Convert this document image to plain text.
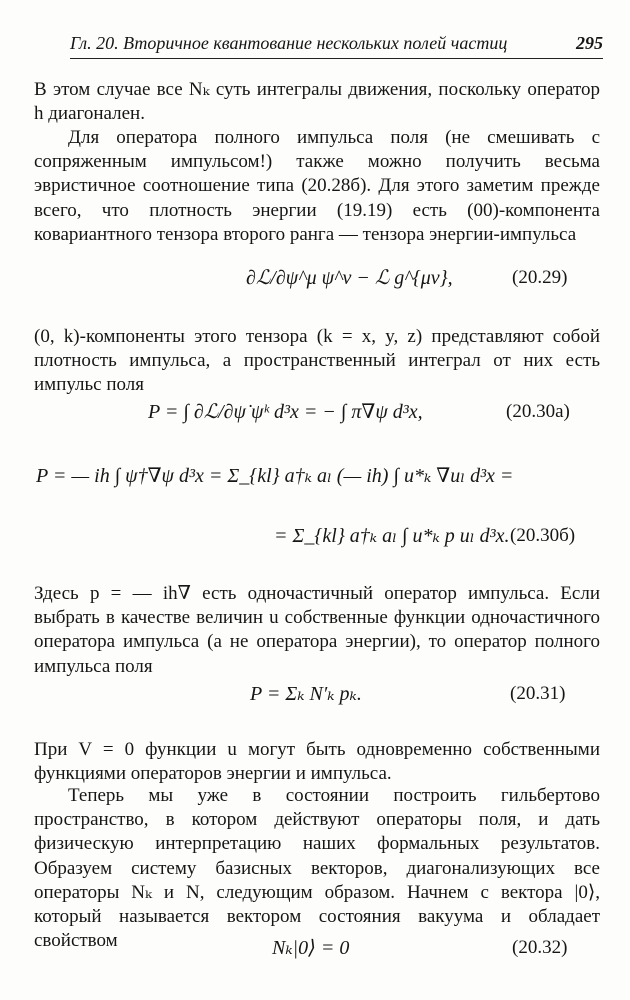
Гл. 20. Вторичное квантование нескольких полей частиц	295

В этом случае все Nₖ суть интегралы движения, поскольку оператор h диагонален.

Для оператора полного импульса поля (не смешивать с сопряженным импульсом!) также можно получить весьма эвристичное соотношение типа (20.28б). Для этого заметим прежде всего, что плотность энергии (19.19) есть (00)-компонента ковариантного тензора второго ранга — тензора энергии-импульса

∂ℒ/∂ψ^μ ψ^ν − ℒ g^{μν},	(20.29)

(0, k)-компоненты этого тензора (k = x, y, z) представляют собой плотность импульса, а пространственный интеграл от них есть импульс поля

P = ∫ ∂ℒ/∂ψ̇ ψᵏ d³x = − ∫ π∇ψ d³x,	(20.30a)
P = — ih ∫ ψ†∇ψ d³x = Σ_{kl} a†ₖ aₗ (— ih) ∫ u*ₖ ∇uₗ d³x =
= Σ_{kl} a†ₖ aₗ ∫ u*ₖ p uₗ d³x. (20.30б)

Здесь p = — ih∇ есть одночастичный оператор импульса. Если выбрать в качестве величин u собственные функции одночастичного оператора импульса (а не оператора энергии), то оператор полного импульса поля

P = Σₖ N′ₖ pₖ.	(20.31)

При V = 0 функции u могут быть одновременно собственными функциями операторов энергии и импульса.

Теперь мы уже в состоянии построить гильбертово пространство, в котором действуют операторы поля, и дать физическую интерпретацию наших формальных результатов. Образуем систему базисных векторов, диагонализующих все операторы Nₖ и N, следующим образом. Начнем с вектора |0⟩, который называется вектором состояния вакуума и обладает свойством	Nₖ|0⟩ = 0	(20.32)
